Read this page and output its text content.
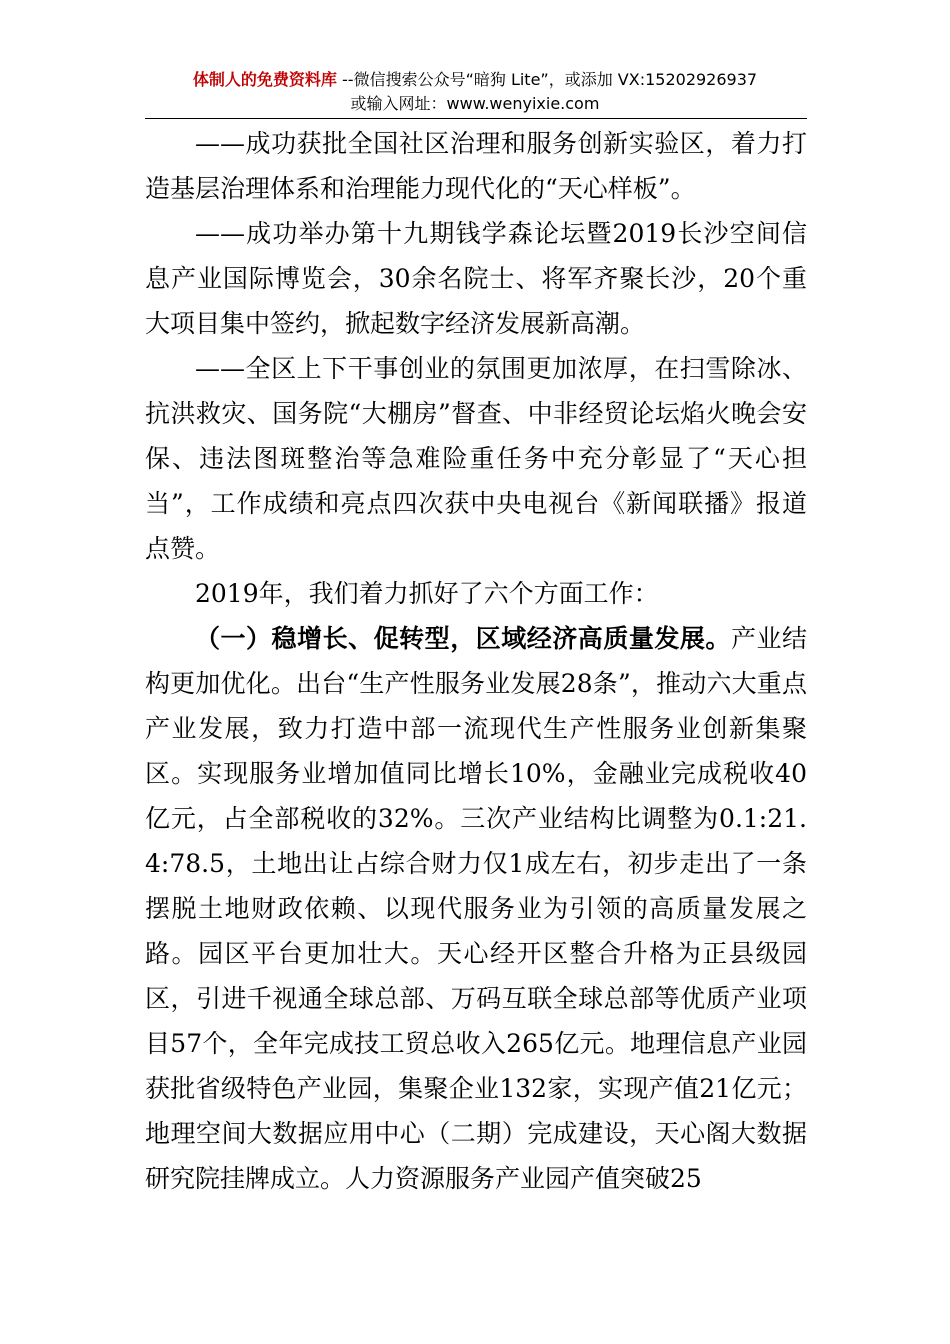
体制人的免费资料库 --微信搜索公众号“暗狗 Lite”，或添加 VX:15202926937
或输入网址：www.wenyixie.com

——成功获批全国社区治理和服务创新实验区，着力打造基层治理体系和治理能力现代化的“天心样板”。

——成功举办第十九期钱学森论坛暨2019长沙空间信息产业国际博览会，30余名院士、将军齐聚长沙，20个重大项目集中签约，掀起数字经济发展新高潮。

——全区上下干事创业的氛围更加浓厚，在扫雪除冰、抗洪救灾、国务院“大棚房”督查、中非经贸论坛焰火晚会安保、违法图斑整治等急难险重任务中充分彰显了“天心担当”，工作成绩和亮点四次获中央电视台《新闻联播》报道点赞。

2019年，我们着力抓好了六个方面工作：

（一）稳增长、促转型，区域经济高质量发展。产业结构更加优化。出台“生产性服务业发展28条”，推动六大重点产业发展，致力打造中部一流现代生产性服务业创新集聚区。实现服务业增加值同比增长10%，金融业完成税收40亿元，占全部税收的32%。三次产业结构比调整为0.1:21.4:78.5，土地出让占综合财力仅1成左右，初步走出了一条摆脱土地财政依赖、以现代服务业为引领的高质量发展之路。园区平台更加壮大。天心经开区整合升格为正县级园区，引进千视通全球总部、万码互联全球总部等优质产业项目57个，全年完成技工贸总收入265亿元。地理信息产业园获批省级特色产业园，集聚企业132家，实现产值21亿元；地理空间大数据应用中心（二期）完成建设，天心阁大数据研究院挂牌成立。人力资源服务产业园产值突破25
